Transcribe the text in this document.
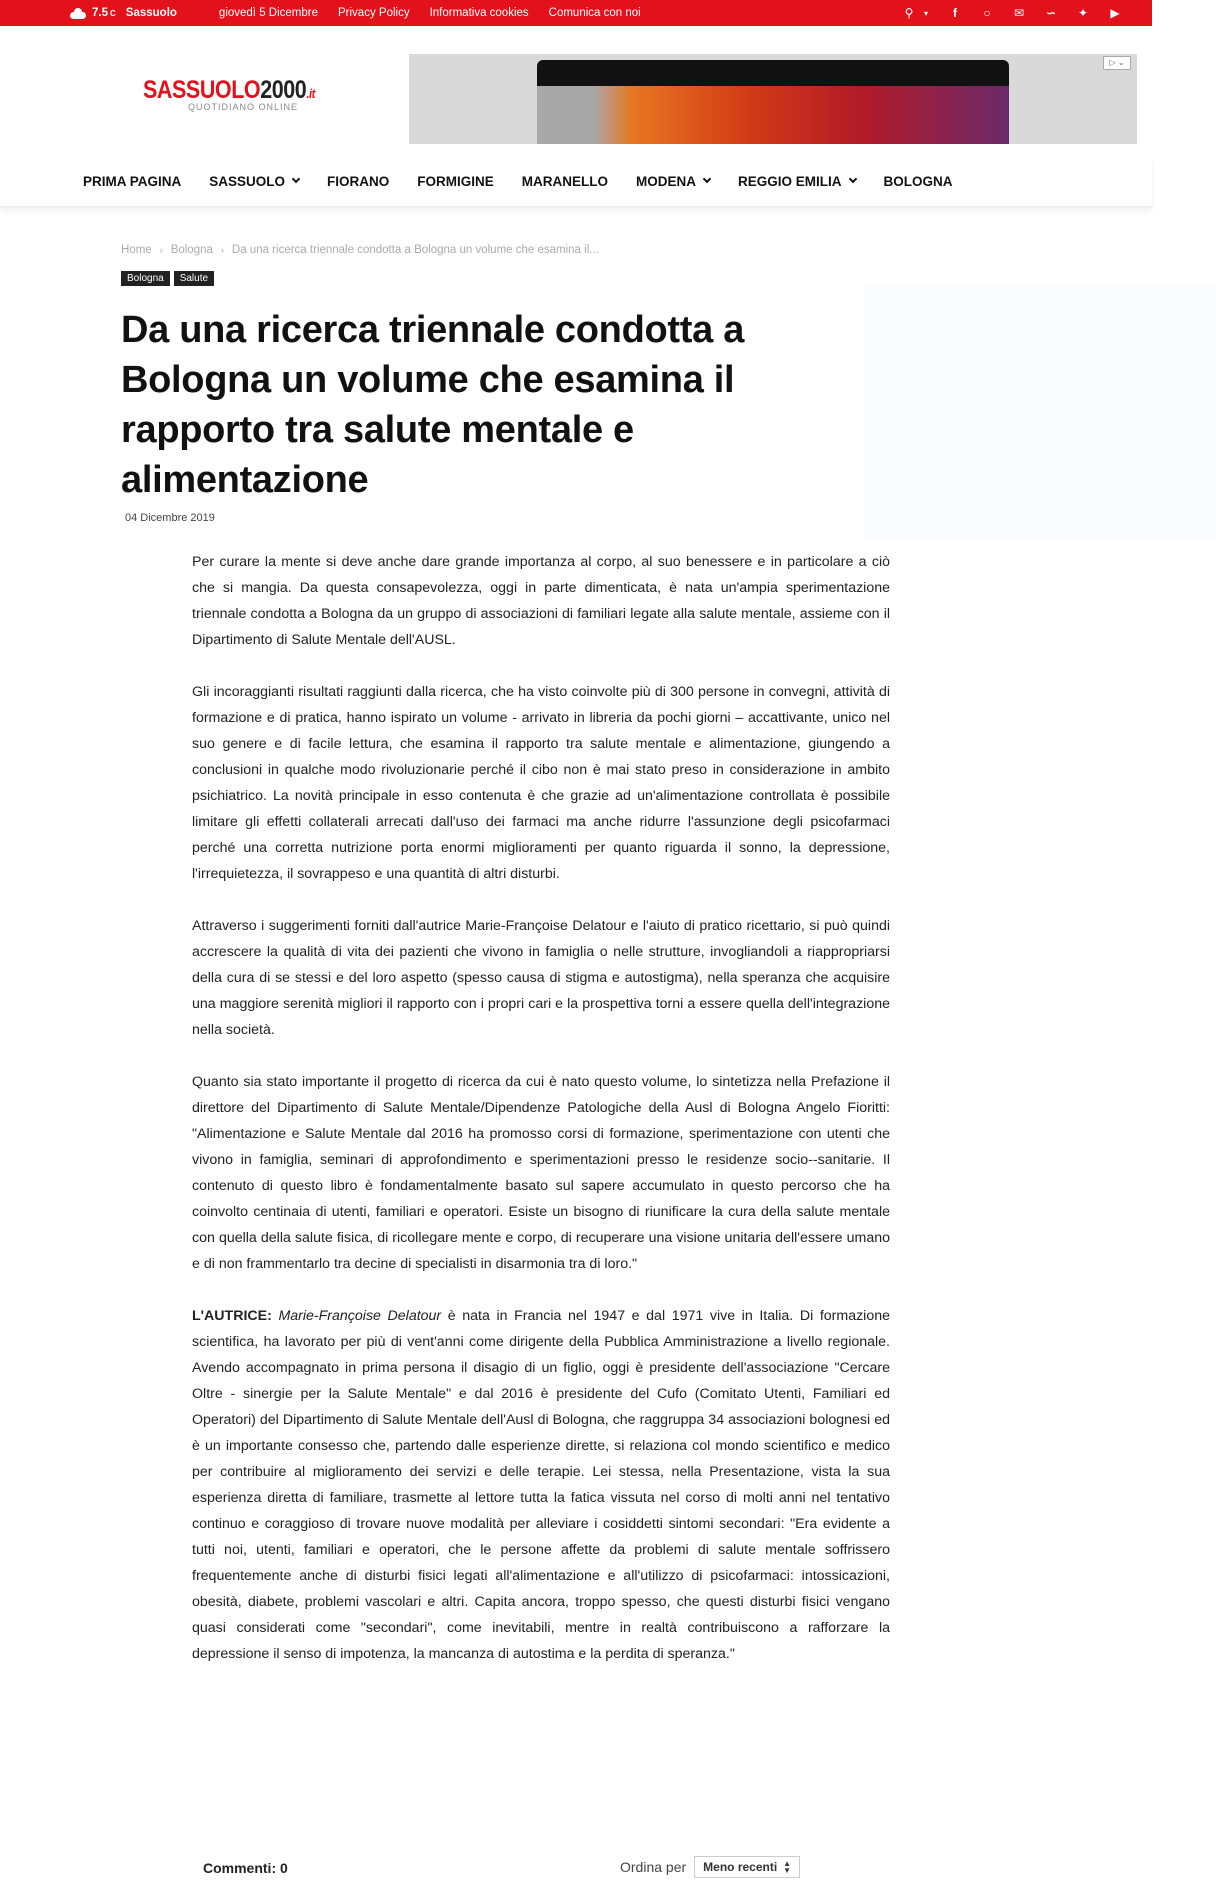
7.5 C Sassuolo	giovedì 5 Dicembre Privacy Policy Informativa cookies Comunica con noi	⚲	▾	f	○ ✉ ∽ ✦ ▶
SASSUOLO2000.it
QUOTIDIANO ONLINE
▷ ⌄
PRIMA PAGINA SASSUOLO	FIORANO FORMIGINE MARANELLO MODENA	REGGIO EMILIA	BOLOGNA
Home › Bologna › Da una ricerca triennale condotta a Bologna un volume che esamina il...
Bologna	Salute
Da una ricerca triennale condotta a Bologna un volume che esamina il rapporto tra salute mentale e alimentazione
04 Dicembre 2019

Per curare la mente si deve anche dare grande importanza al corpo, al suo benessere e in particolare a ciò che si mangia. Da questa consapevolezza, oggi in parte dimenticata, è nata un'ampia sperimentazione triennale condotta a Bologna da un gruppo di associazioni di familiari legate alla salute mentale, assieme con il Dipartimento di Salute Mentale dell'AUSL.

Gli incoraggianti risultati raggiunti dalla ricerca, che ha visto coinvolte più di 300 persone in convegni, attività di formazione e di pratica, hanno ispirato un volume - arrivato in libreria da pochi giorni – accattivante, unico nel suo genere e di facile lettura, che esamina il rapporto tra salute mentale e alimentazione, giungendo a conclusioni in qualche modo rivoluzionarie perché il cibo non è mai stato preso in considerazione in ambito psichiatrico. La novità principale in esso contenuta è che grazie ad un'alimentazione controllata è possibile limitare gli effetti collaterali arrecati dall'uso dei farmaci ma anche ridurre l'assunzione degli psicofarmaci perché una corretta nutrizione porta enormi miglioramenti per quanto riguarda il sonno, la depressione, l'irrequietezza, il sovrappeso e una quantità di altri disturbi.

Attraverso i suggerimenti forniti dall'autrice Marie-Françoise Delatour e l'aiuto di pratico ricettario, si può quindi accrescere la qualità di vita dei pazienti che vivono in famiglia o nelle strutture, invogliandoli a riappropriarsi della cura di se stessi e del loro aspetto (spesso causa di stigma e autostigma), nella speranza che acquisire una maggiore serenità migliori il rapporto con i propri cari e la prospettiva torni a essere quella dell'integrazione nella società.

Quanto sia stato importante il progetto di ricerca da cui è nato questo volume, lo sintetizza nella Prefazione il direttore del Dipartimento di Salute Mentale/Dipendenze Patologiche della Ausl di Bologna Angelo Fioritti: "Alimentazione e Salute Mentale dal 2016 ha promosso corsi di formazione, sperimentazione con utenti che vivono in famiglia, seminari di approfondimento e sperimentazioni presso le residenze socio--sanitarie. Il contenuto di questo libro è fondamentalmente basato sul sapere accumulato in questo percorso che ha coinvolto centinaia di utenti, familiari e operatori. Esiste un bisogno di riunificare la cura della salute mentale con quella della salute fisica, di ricollegare mente e corpo, di recuperare una visione unitaria dell'essere umano e di non frammentarlo tra decine di specialisti in disarmonia tra di loro."

L'AUTRICE: Marie-Françoise Delatour è nata in Francia nel 1947 e dal 1971 vive in Italia. Di formazione scientifica, ha lavorato per più di vent'anni come dirigente della Pubblica Amministrazione a livello regionale. Avendo accompagnato in prima persona il disagio di un figlio, oggi è presidente dell'associazione "Cercare Oltre - sinergie per la Salute Mentale" e dal 2016 è presidente del Cufo (Comitato Utenti, Familiari ed Operatori) del Dipartimento di Salute Mentale dell'Ausl di Bologna, che raggruppa 34 associazioni bolognesi ed è un importante consesso che, partendo dalle esperienze dirette, si relaziona col mondo scientifico e medico per contribuire al miglioramento dei servizi e delle terapie. Lei stessa, nella Presentazione, vista la sua esperienza diretta di familiare, trasmette al lettore tutta la fatica vissuta nel corso di molti anni nel tentativo continuo e coraggioso di trovare nuove modalità per alleviare i cosiddetti sintomi secondari: "Era evidente a tutti noi, utenti, familiari e operatori, che le persone affette da problemi di salute mentale soffrissero frequentemente anche di disturbi fisici legati all'alimentazione e all'utilizzo di psicofarmaci: intossicazioni, obesità, diabete, problemi vascolari e altri. Capita ancora, troppo spesso, che questi disturbi fisici vengano quasi considerati come "secondari", come inevitabili, mentre in realtà contribuiscono a rafforzare la depressione il senso di impotenza, la mancanza di autostima e la perdita di speranza."

Commenti: 0	Ordina per Meno recenti ▲
▼
